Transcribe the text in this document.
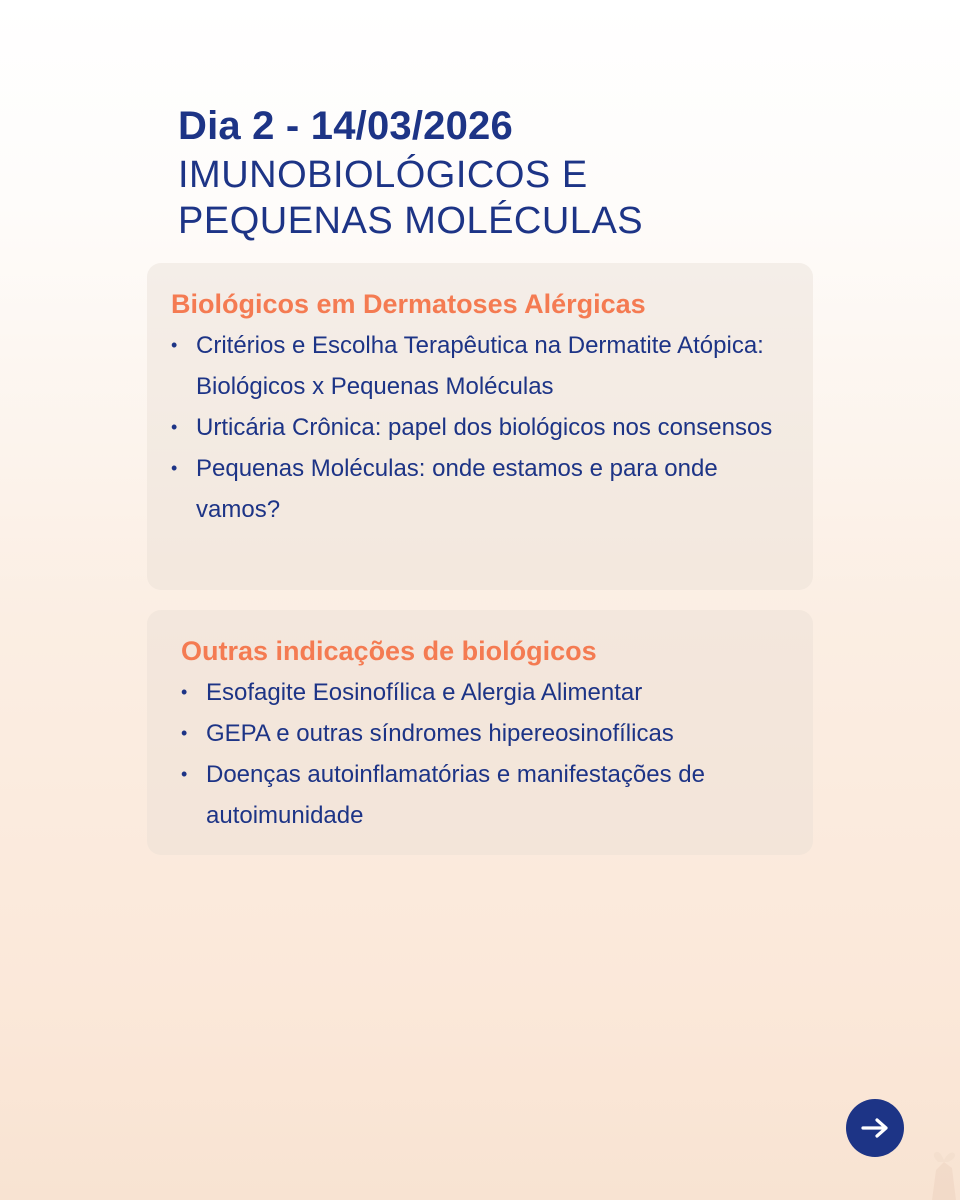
Dia 2 - 14/03/2026
IMUNOBIOLÓGICOS E
PEQUENAS MOLÉCULAS
Biológicos em Dermatoses Alérgicas
• Critérios e Escolha Terapêutica na Dermatite Atópica: Biológicos x Pequenas Moléculas
• Urticária Crônica: papel dos biológicos nos consensos
• Pequenas Moléculas: onde estamos e para onde vamos?
Outras indicações de biológicos
• Esofagite Eosinofílica e Alergia Alimentar
• GEPA e outras síndromes hipereosinofílicas
• Doenças autoinflamatórias e manifestações de autoimunidade
